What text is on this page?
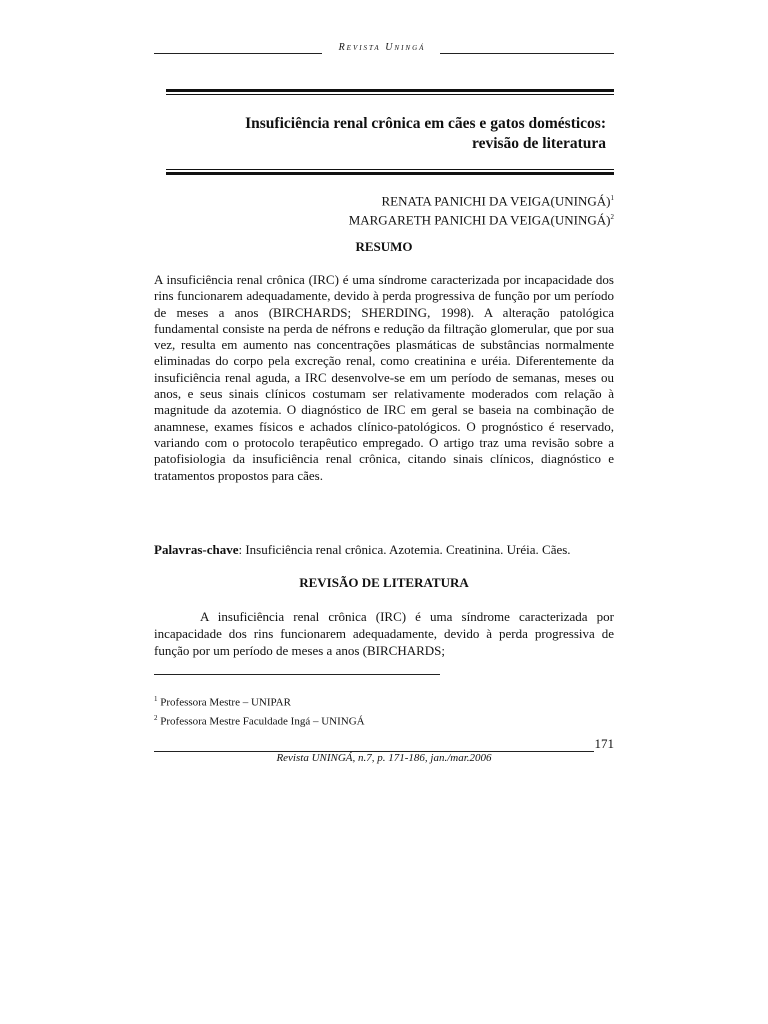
Revista Uningá
Insuficiência renal crônica em cães e gatos domésticos:
revisão de literatura
RENATA PANICHI DA VEIGA(UNINGÁ)$^1$
MARGARETH PANICHI DA VEIGA(UNINGÁ)$^2$
RESUMO
A insuficiência renal crônica (IRC) é uma síndrome caracterizada por incapacidade dos rins funcionarem adequadamente, devido à perda progressiva de função por um período de meses a anos (BIRCHARDS; SHERDING, 1998). A alteração patológica fundamental consiste na perda de néfrons e redução da filtração glomerular, que por sua vez, resulta em aumento nas concentrações plasmáticas de substâncias normalmente eliminadas do corpo pela excreção renal, como creatinina e uréia. Diferentemente da insuficiência renal aguda, a IRC desenvolve-se em um período de semanas, meses ou anos, e seus sinais clínicos costumam ser relativamente moderados com relação à magnitude da azotemia. O diagnóstico de IRC em geral se baseia na combinação de anamnese, exames físicos e achados clínico-patológicos. O prognóstico é reservado, variando com o protocolo terapêutico empregado. O artigo traz uma revisão sobre a patofisiologia da insuficiência renal crônica, citando sinais clínicos, diagnóstico e tratamentos propostos para cães.
Palavras-chave: Insuficiência renal crônica. Azotemia. Creatinina. Uréia. Cães.
REVISÃO DE LITERATURA
A insuficiência renal crônica (IRC) é uma síndrome caracterizada por incapacidade dos rins funcionarem adequadamente, devido à perda progressiva de função por um período de meses a anos (BIRCHARDS;
$^1$ Professora Mestre – UNIPAR
$^2$ Professora Mestre Faculdade Ingá – UNINGÁ
171
Revista UNINGÁ, n.7, p. 171-186, jan./mar.2006
